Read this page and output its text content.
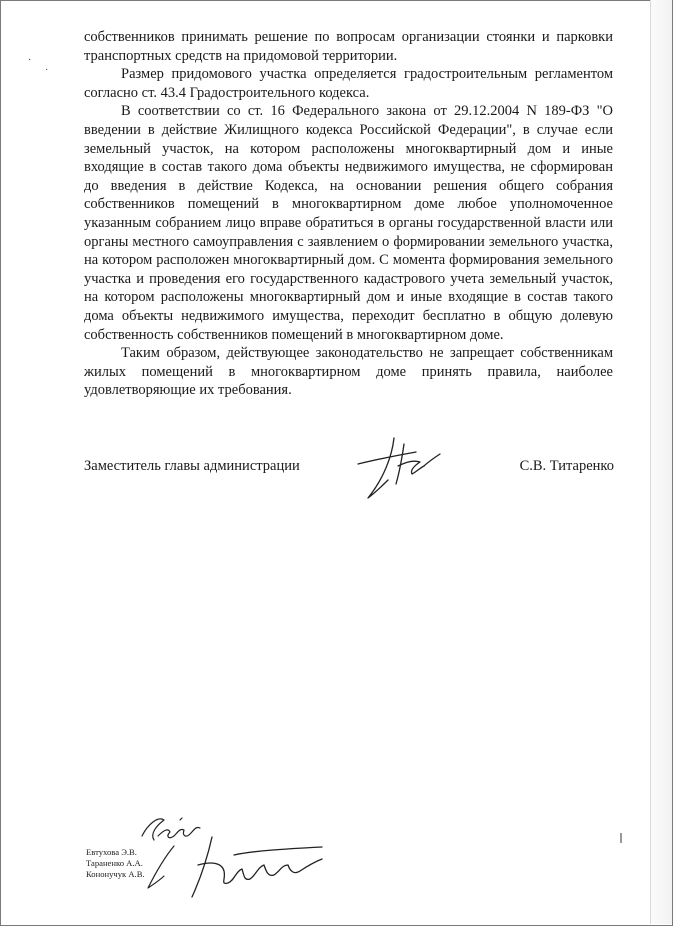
·
·

собственников принимать решение по вопросам организации стоянки и парковки транспортных средств на придомовой территории.

Размер придомового участка определяется градостроительным регламентом согласно ст. 43.4 Градостроительного кодекса.

В соответствии со ст. 16 Федерального закона от 29.12.2004 N 189-ФЗ "О введении в действие Жилищного кодекса Российской Федерации", в случае если земельный участок, на котором расположены многоквартирный дом и иные входящие в состав такого дома объекты недвижимого имущества, не сформирован до введения в действие Кодекса, на основании решения общего собрания собственников помещений в многоквартирном доме любое уполномоченное указанным собранием лицо вправе обратиться в органы государственной власти или органы местного самоуправления с заявлением о формировании земельного участка, на котором расположен многоквартирный дом. С момента формирования земельного участка и проведения его государственного кадастрового учета земельный участок, на котором расположены многоквартирный дом и иные входящие в состав такого дома объекты недвижимого имущества, переходит бесплатно в общую долевую собственность собственников помещений в многоквартирном доме.

Таким образом, действующее законодательство не запрещает собственникам жилых помещений в многоквартирном доме принять правила, наиболее удовлетворяющие их требования.

Заместитель главы администрации	С.В. Титаренко
Евтухова Э.В.
Тараненко А.А.
Кононучук А.В.
